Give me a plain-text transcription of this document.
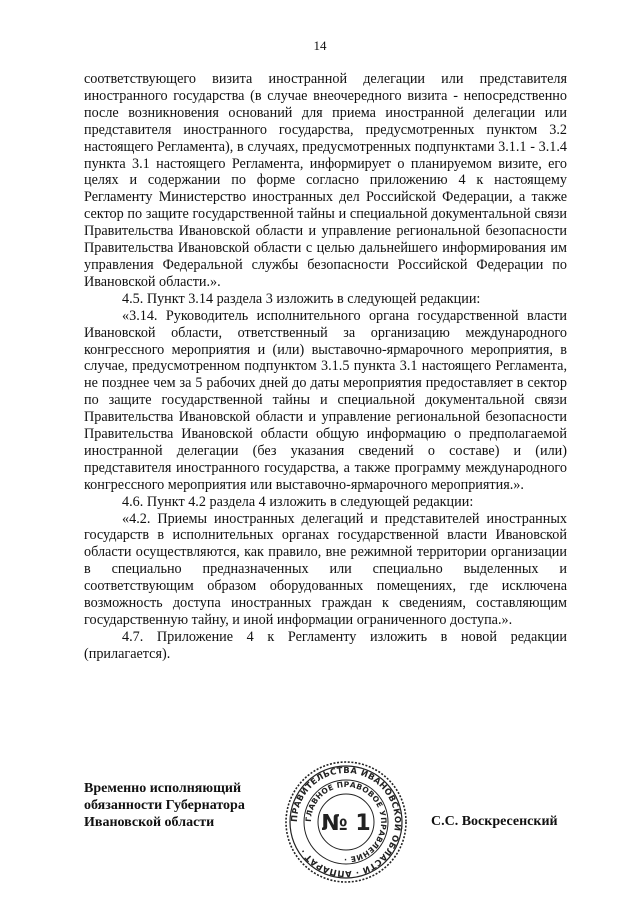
14

соответствующего визита иностранной делегации или представителя иностранного государства (в случае внеочередного визита - непосредственно после возникновения оснований для приема иностранной делегации или представителя иностранного государства, предусмотренных пунктом 3.2 настоящего Регламента), в случаях, предусмотренных подпунктами 3.1.1 - 3.1.4 пункта 3.1 настоящего Регламента, информирует о планируемом визите, его целях и содержании по форме согласно приложению 4 к настоящему Регламенту Министерство иностранных дел Российской Федерации, а также сектор по защите государственной тайны и специальной документальной связи Правительства Ивановской области и управление региональной безопасности Правительства Ивановской области с целью дальнейшего информирования им управления Федеральной службы безопасности Российской Федерации по Ивановской области.».

4.5. Пункт 3.14 раздела 3 изложить в следующей редакции:

«3.14. Руководитель исполнительного органа государственной власти Ивановской области, ответственный за организацию международного конгрессного мероприятия и (или) выставочно-ярмарочного мероприятия, в случае, предусмотренном подпунктом 3.1.5 пункта 3.1 настоящего Регламента, не позднее чем за 5 рабочих дней до даты мероприятия предоставляет в сектор по защите государственной тайны и специальной документальной связи Правительства Ивановской области и управление региональной безопасности Правительства Ивановской области общую информацию о предполагаемой иностранной делегации (без указания сведений о составе) и (или) представителя иностранного государства, а также программу международного конгрессного мероприятия или выставочно-ярмарочного мероприятия.».

4.6. Пункт 4.2 раздела 4 изложить в следующей редакции:

«4.2. Приемы иностранных делегаций и представителей иностранных государств в исполнительных органах государственной власти Ивановской области осуществляются, как правило, вне режимной территории организации в специально предназначенных или специально выделенных и соответствующим образом оборудованных помещениях, где исключена возможность доступа иностранных граждан к сведениям, составляющим государственную тайну, и иной информации ограниченного доступа.».

4.7. Приложение 4 к Регламенту изложить в новой редакции (прилагается).

Временно исполняющий
обязанности Губернатора
Ивановской области	ПРАВИТЕЛЬСТВА ИВАНОВСКОЙ ОБЛАСТИ · АППАРАТ ·
ГЛАВНОЕ ПРАВОВОЕ УПРАВЛЕНИЕ ·
№ 1	С.С. Воскресенский
